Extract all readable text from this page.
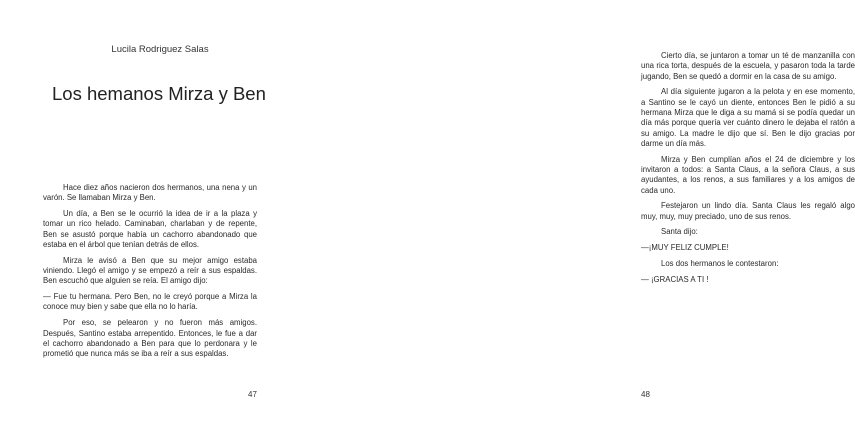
Lucila Rodriguez Salas
Los hemanos Mirza y Ben

Hace diez años nacieron dos hermanos, una nena y un varón. Se llamaban Mirza y Ben.

Un día, a Ben se le ocurrió la idea de ir a la plaza y tomar un rico helado. Caminaban, charlaban y de repente, Ben se asustó porque había un cachorro abandonado que estaba en el árbol que tenían detrás de ellos.

Mirza le avisó a Ben que su mejor amigo estaba viniendo. Llegó el amigo y se empezó a reír a sus espaldas. Ben escuchó que alguien se reía. El amigo dijo:

— Fue tu hermana. Pero Ben, no le creyó porque a Mirza la conoce muy bien y sabe que ella no lo haría.

Por eso, se pelearon y no fueron más amigos. Después, Santino estaba arrepentido. Entonces, le fue a dar el cachorro abandonado a Ben para que lo perdonara y le prometió que nunca más se iba a reír a sus espaldas.

47

Cierto día, se juntaron a tomar un té de manzanilla con una rica torta, después de la escuela, y pasaron toda la tarde jugando, Ben se quedó a dormir en la casa de su amigo.

Al día siguiente jugaron a la pelota y en ese momento, a Santino se le cayó un diente, entonces Ben le pidió a su hermana Mirza que le diga a su mamá si se podía quedar un día más porque quería ver cuánto dinero le dejaba el ratón a su amigo. La madre le dijo que sí. Ben le dijo gracias por darme un día más.

Mirza y Ben cumplían años el 24 de diciembre y los invitaron a todos: a Santa Claus, a la señora Claus, a sus ayudantes, a los renos, a sus familiares y a los amigos de cada uno.

Festejaron un lindo día. Santa Claus les regaló algo muy, muy, muy preciado, uno de sus renos.

Santa dijo:

—¡MUY FELIZ CUMPLE!

Los dos hermanos le contestaron:

— ¡GRACIAS A TI !

48
